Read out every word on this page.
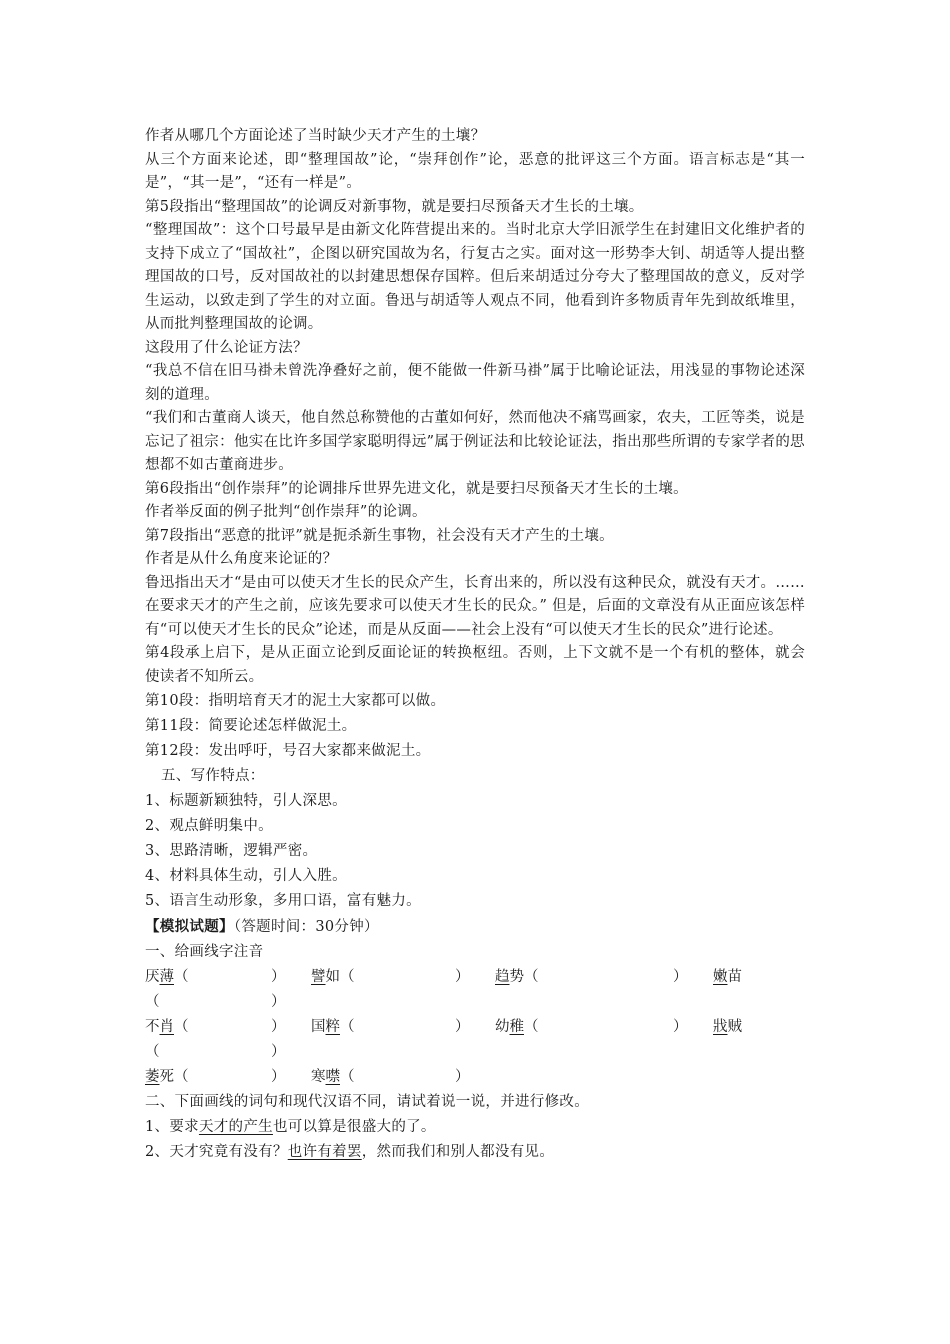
作者从哪几个方面论述了当时缺少天才产生的土壤？

从三个方面来论述，即“整理国故”论，“崇拜创作”论，恶意的批评这三个方面。语言标志是“其一是”，“其一是”，“还有一样是”。

第5段指出“整理国故”的论调反对新事物，就是要扫尽预备天才生长的土壤。

“整理国故”：这个口号最早是由新文化阵营提出来的。当时北京大学旧派学生在封建旧文化维护者的支持下成立了“国故社”，企图以研究国故为名，行复古之实。面对这一形势李大钊、胡适等人提出整理国故的口号，反对国故社的以封建思想保存国粹。但后来胡适过分夸大了整理国故的意义，反对学生运动，以致走到了学生的对立面。鲁迅与胡适等人观点不同，他看到许多物质青年先到故纸堆里，从而批判整理国故的论调。

这段用了什么论证方法？

“我总不信在旧马褂未曾洗净叠好之前，便不能做一件新马褂”属于比喻论证法，用浅显的事物论述深刻的道理。

“我们和古董商人谈天，他自然总称赞他的古董如何好，然而他决不痛骂画家，农夫，工匠等类，说是忘记了祖宗：他实在比许多国学家聪明得远”属于例证法和比较论证法，指出那些所谓的专家学者的思想都不如古董商进步。

第6段指出“创作崇拜”的论调排斥世界先进文化，就是要扫尽预备天才生长的土壤。

作者举反面的例子批判“创作崇拜”的论调。

第7段指出“恶意的批评”就是扼杀新生事物，社会没有天才产生的土壤。

作者是从什么角度来论证的？

鲁迅指出天才“是由可以使天才生长的民众产生，长育出来的，所以没有这种民众，就没有天才。……在要求天才的产生之前，应该先要求可以使天才生长的民众。” 但是，后面的文章没有从正面应该怎样有“可以使天才生长的民众”论述，而是从反面——社会上没有“可以使天才生长的民众”进行论述。

第4段承上启下，是从正面立论到反面论证的转换枢纽。否则，上下文就不是一个有机的整体，就会使读者不知所云。

第10段：指明培育天才的泥土大家都可以做。

第11段：简要论述怎样做泥土。

第12段：发出呼吁，号召大家都来做泥土。

五、写作特点：

1、标题新颖独特，引人深思。

2、观点鲜明集中。

3、思路清晰，逻辑严密。

4、材料具体生动，引人入胜。

5、语言生动形象，多用口语，富有魅力。

【模拟试题】（答题时间：30分钟）

一、给画线字注音

厌薄（	） 譬如（	） 趋势（	） 嫩苗
（	）
不肖（	） 国粹（	） 幼稚（	） 戕贼
（	）
萎死（	） 寒噤（	）

二、下面画线的词句和现代汉语不同，请试着说一说，并进行修改。

1、要求天才的产生也可以算是很盛大的了。

2、天才究竟有没有？也许有着罢，然而我们和别人都没有见。
